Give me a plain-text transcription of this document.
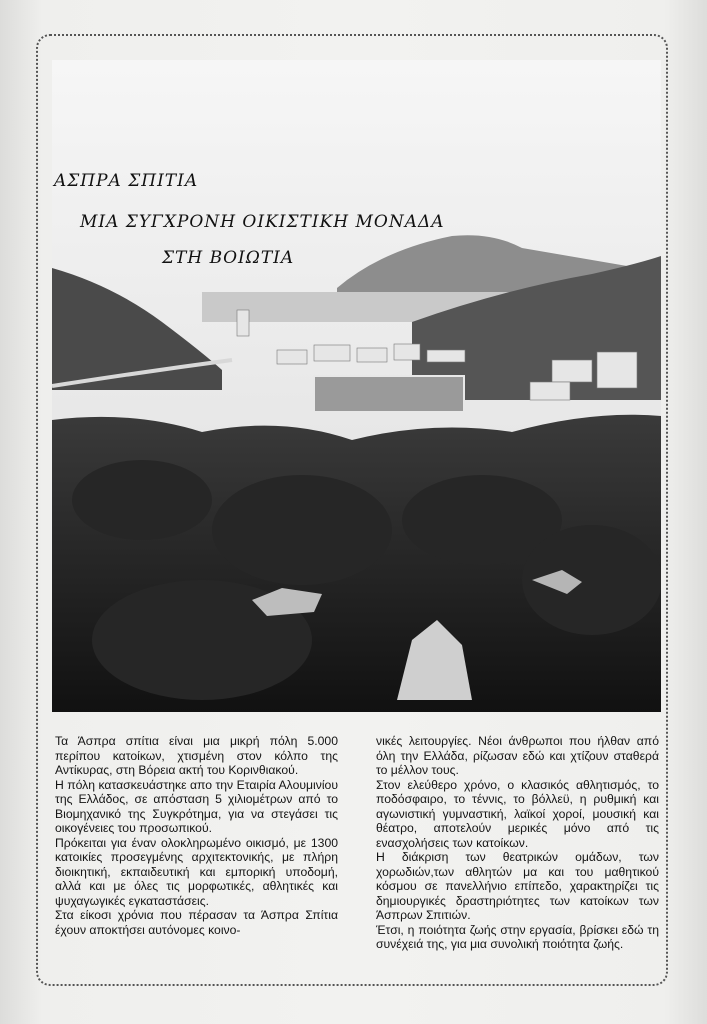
ΑΣΠΡΑ ΣΠΙΤΙΑ
ΜΙΑ ΣΥΓΧΡΟΝΗ ΟΙΚΙΣΤΙΚΗ ΜΟΝΑΔΑ
ΣΤΗ ΒΟΙΩΤΙΑ

Τα Άσπρα σπίτια είναι μια μικρή πόλη 5.000 περίπου κατοίκων, χτισμένη στον κόλπο της Αντίκυρας, στη Βόρεια ακτή του Κορινθιακού.

Η πόλη κατασκευάστηκε απο την Εταιρία Αλουμινίου της Ελλάδος, σε απόσταση 5 χιλιομέτρων από το Βιομηχανικό της Συγκρότημα, για να στεγάσει τις οικογένειες του προσωπικού.

Πρόκειται για έναν ολοκληρωμένο οικισμό, με 1300 κατοικίες προσεγμένης αρχιτεκτονικής, με πλήρη διοικητική, εκπαιδευτική και εμπορική υποδομή, αλλά και με όλες τις μορφωτικές, αθλητικές και ψυχαγωγικές εγκαταστάσεις.

Στα είκοσι χρόνια που πέρασαν τα Άσπρα Σπίτια έχουν αποκτήσει αυτόνομες κοινο-

νικές λειτουργίες. Νέοι άνθρωποι που ήλθαν από όλη την Ελλάδα, ρίζωσαν εδώ και χτίζουν σταθερά το μέλλον τους.

Στον ελεύθερο χρόνο, ο κλασικός αθλητισμός, το ποδόσφαιρο, το τέννις, το βόλλεϋ, η ρυθμική και αγωνιστική γυμναστική, λαϊκοί χοροί, μουσική και θέατρο, αποτελούν μερικές μόνο από τις ενασχολήσεις των κατοίκων.

Η διάκριση των θεατρικών ομάδων, των χορωδιών,των αθλητών μα και του μαθητικού κόσμου σε πανελλήνιο επίπεδο, χαρακτηρίζει τις δημιουργικές δραστηριότητες των κατοίκων των Άσπρων Σπιτιών.

Έτσι, η ποιότητα ζωής στην εργασία, βρίσκει εδώ τη συνέχειά της, για μια συνολική ποιότητα ζωής.
